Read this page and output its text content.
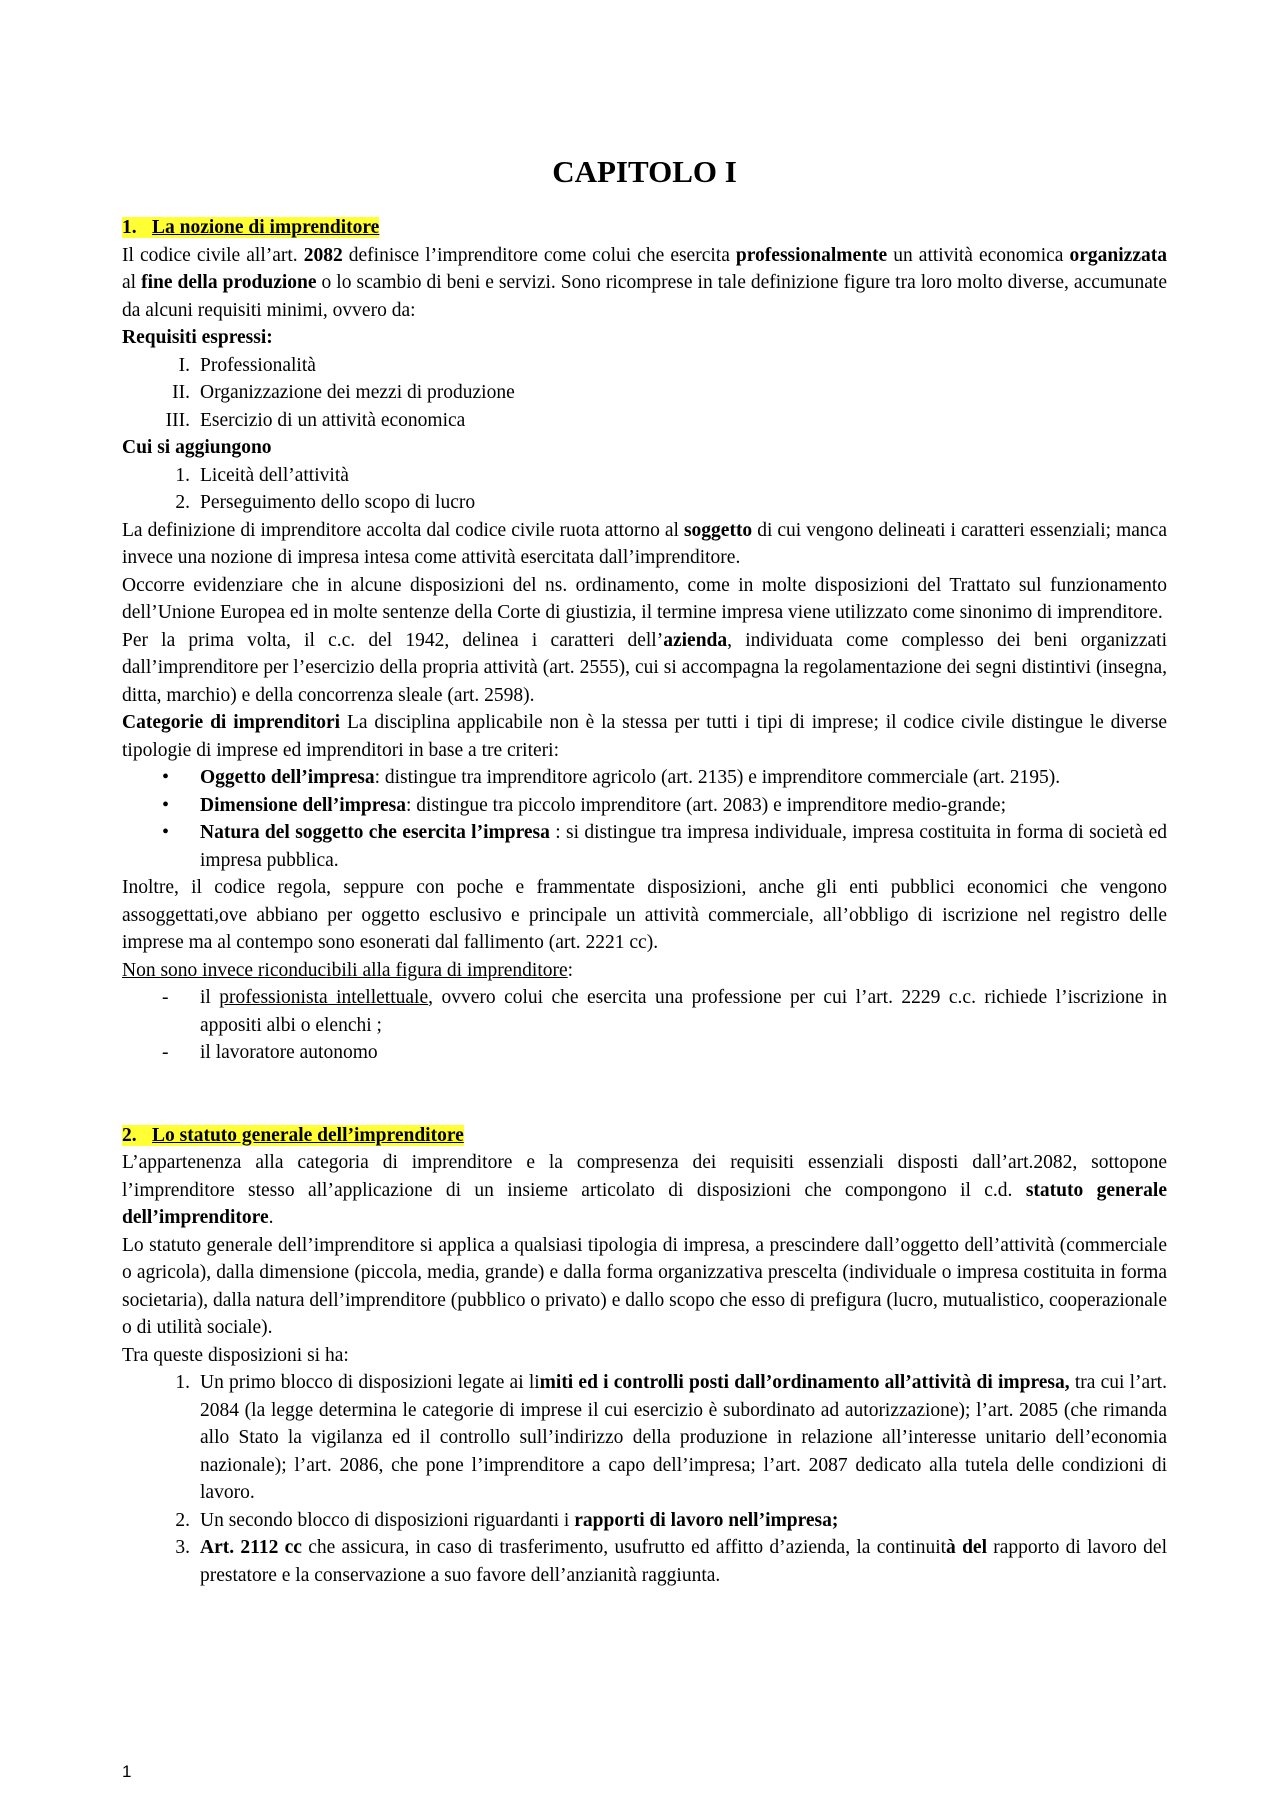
CAPITOLO I
1. La nozione di imprenditore

Il codice civile all’art. 2082 definisce l’imprenditore come colui che esercita professionalmente un attività economica organizzata al fine della produzione o lo scambio di beni e servizi. Sono ricomprese in tale definizione figure tra loro molto diverse, accumunate da alcuni requisiti minimi, ovvero da:

Requisiti espressi:
I. Professionalità
II. Organizzazione dei mezzi di produzione
III. Esercizio di un attività economica
Cui si aggiungono
1. Liceità dell’attività
2. Perseguimento dello scopo di lucro

La definizione di imprenditore accolta dal codice civile ruota attorno al soggetto di cui vengono delineati i caratteri essenziali; manca invece una nozione di impresa intesa come attività esercitata dall’imprenditore.

Occorre evidenziare che in alcune disposizioni del ns. ordinamento, come in molte disposizioni del Trattato sul funzionamento dell’Unione Europea ed in molte sentenze della Corte di giustizia, il termine impresa viene utilizzato come sinonimo di imprenditore.

Per la prima volta, il c.c. del 1942, delinea i caratteri dell’azienda, individuata come complesso dei beni organizzati dall’imprenditore per l’esercizio della propria attività (art. 2555), cui si accompagna la regolamentazione dei segni distintivi (insegna, ditta, marchio) e della concorrenza sleale (art. 2598).

Categorie di imprenditori La disciplina applicabile non è la stessa per tutti i tipi di imprese; il codice civile distingue le diverse tipologie di imprese ed imprenditori in base a tre criteri:

•	Oggetto dell’impresa: distingue tra imprenditore agricolo (art. 2135) e imprenditore commerciale (art. 2195).
•	Dimensione dell’impresa: distingue tra piccolo imprenditore (art. 2083) e imprenditore medio-grande;
•	Natura del soggetto che esercita l’impresa : si distingue tra impresa individuale, impresa costituita in forma di società ed impresa pubblica.

Inoltre, il codice regola, seppure con poche e frammentate disposizioni, anche gli enti pubblici economici che vengono assoggettati,ove abbiano per oggetto esclusivo e principale un attività commerciale, all’obbligo di iscrizione nel registro delle imprese ma al contempo sono esonerati dal fallimento (art. 2221 cc).

Non sono invece riconducibili alla figura di imprenditore:

-	il professionista intellettuale, ovvero colui che esercita una professione per cui l’art. 2229 c.c. richiede l’iscrizione in appositi albi o elenchi ;
-	il lavoratore autonomo
2. Lo statuto generale dell’imprenditore

L’appartenenza alla categoria di imprenditore e la compresenza dei requisiti essenziali disposti dall’art.2082, sottopone l’imprenditore stesso all’applicazione di un insieme articolato di disposizioni che compongono il c.d. statuto generale dell’imprenditore.

Lo statuto generale dell’imprenditore si applica a qualsiasi tipologia di impresa, a prescindere dall’oggetto dell’attività (commerciale o agricola), dalla dimensione (piccola, media, grande) e dalla forma organizzativa prescelta (individuale o impresa costituita in forma societaria), dalla natura dell’imprenditore (pubblico o privato) e dallo scopo che esso di prefigura (lucro, mutualistico, cooperazionale o di utilità sociale).

Tra queste disposizioni si ha:

1. Un primo blocco di disposizioni legate ai limiti ed i controlli posti dall’ordinamento all’attività di impresa, tra cui l’art. 2084 (la legge determina le categorie di imprese il cui esercizio è subordinato ad autorizzazione); l’art. 2085 (che rimanda allo Stato la vigilanza ed il controllo sull’indirizzo della produzione in relazione all’interesse unitario dell’economia nazionale); l’art. 2086, che pone l’imprenditore a capo dell’impresa; l’art. 2087 dedicato alla tutela delle condizioni di lavoro.
2. Un secondo blocco di disposizioni riguardanti i rapporti di lavoro nell’impresa;
3. Art. 2112 cc che assicura, in caso di trasferimento, usufrutto ed affitto d’azienda, la continuità del rapporto di lavoro del prestatore e la conservazione a suo favore dell’anzianità raggiunta.
1
